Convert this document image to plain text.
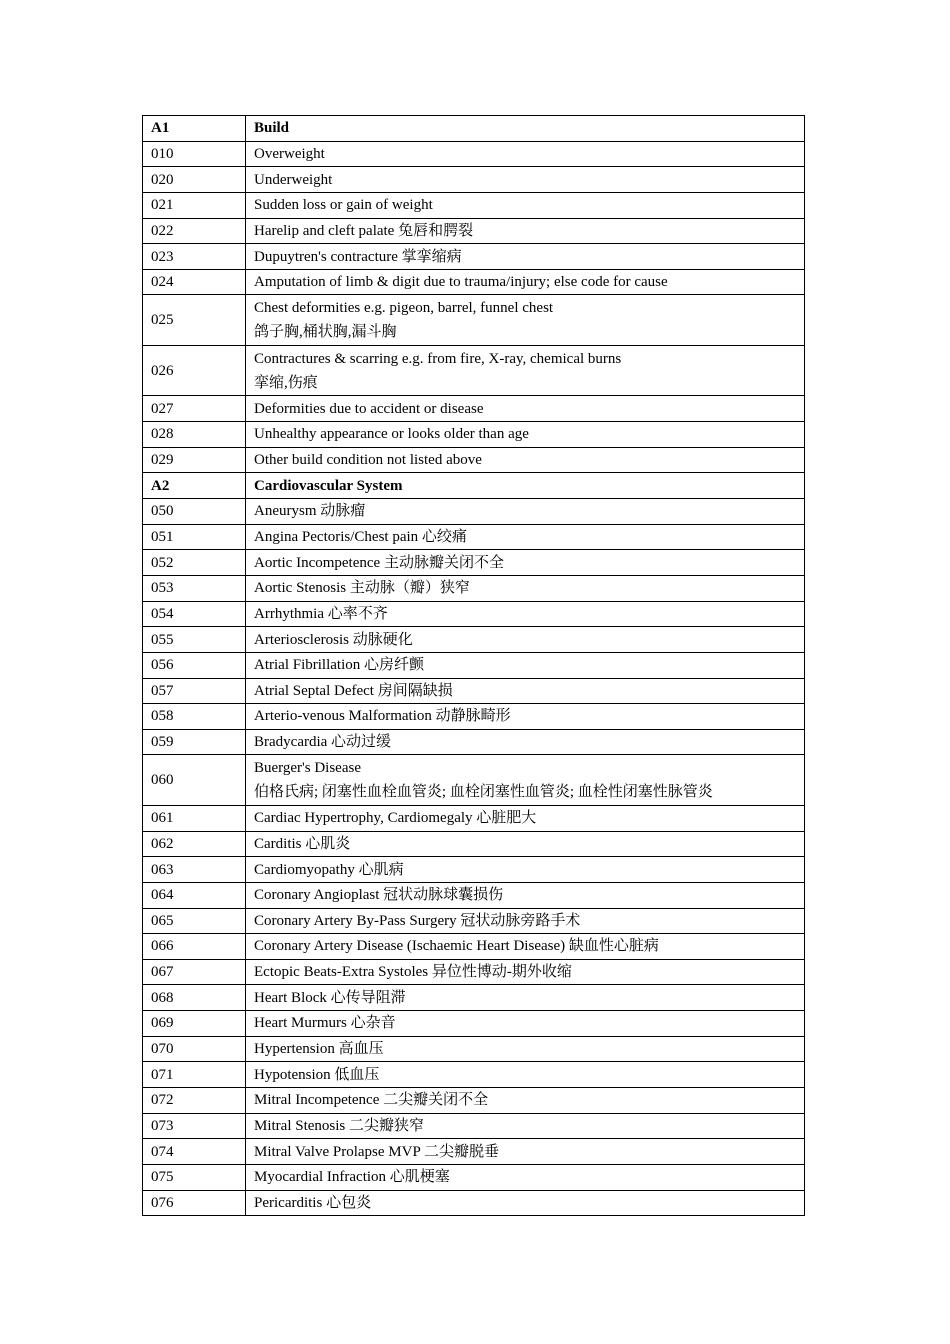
A1	Build

010	Overweight

020	Underweight

021	Sudden loss or gain of weight

022	Harelip and cleft palate 兔唇和腭裂

023	Dupuytren's contracture 掌挛缩病

024	Amputation of limb & digit due to trauma/injury; else code for cause

025	Chest deformities e.g. pigeon, barrel, funnel chest
鸽子胸,桶状胸,漏斗胸

026	Contractures & scarring e.g. from fire, X-ray, chemical burns
挛缩,伤痕

027	Deformities due to accident or disease

028	Unhealthy appearance or looks older than age

029	Other build condition not listed above

A2	Cardiovascular System

050	Aneurysm 动脉瘤

051	Angina Pectoris/Chest pain 心绞痛

052	Aortic Incompetence 主动脉瓣关闭不全

053	Aortic Stenosis 主动脉（瓣）狭窄

054	Arrhythmia 心率不齐

055	Arteriosclerosis 动脉硬化

056	Atrial Fibrillation 心房纤颤

057	Atrial Septal Defect 房间隔缺损

058	Arterio-venous Malformation 动静脉畸形

059	Bradycardia 心动过缓

060	Buerger's Disease
伯格氏病; 闭塞性血栓血管炎; 血栓闭塞性血管炎; 血栓性闭塞性脉管炎

061	Cardiac Hypertrophy, Cardiomegaly 心脏肥大

062	Carditis 心肌炎

063	Cardiomyopathy 心肌病

064	Coronary Angioplast 冠状动脉球囊损伤

065	Coronary Artery By-Pass Surgery 冠状动脉旁路手术

066	Coronary Artery Disease (Ischaemic Heart Disease) 缺血性心脏病

067	Ectopic Beats-Extra Systoles 异位性博动-期外收缩

068	Heart Block 心传导阻滞

069	Heart Murmurs 心杂音

070	Hypertension 高血压

071	Hypotension 低血压

072	Mitral Incompetence 二尖瓣关闭不全

073	Mitral Stenosis 二尖瓣狭窄

074	Mitral Valve Prolapse MVP 二尖瓣脱垂

075	Myocardial Infraction 心肌梗塞

076	Pericarditis 心包炎
